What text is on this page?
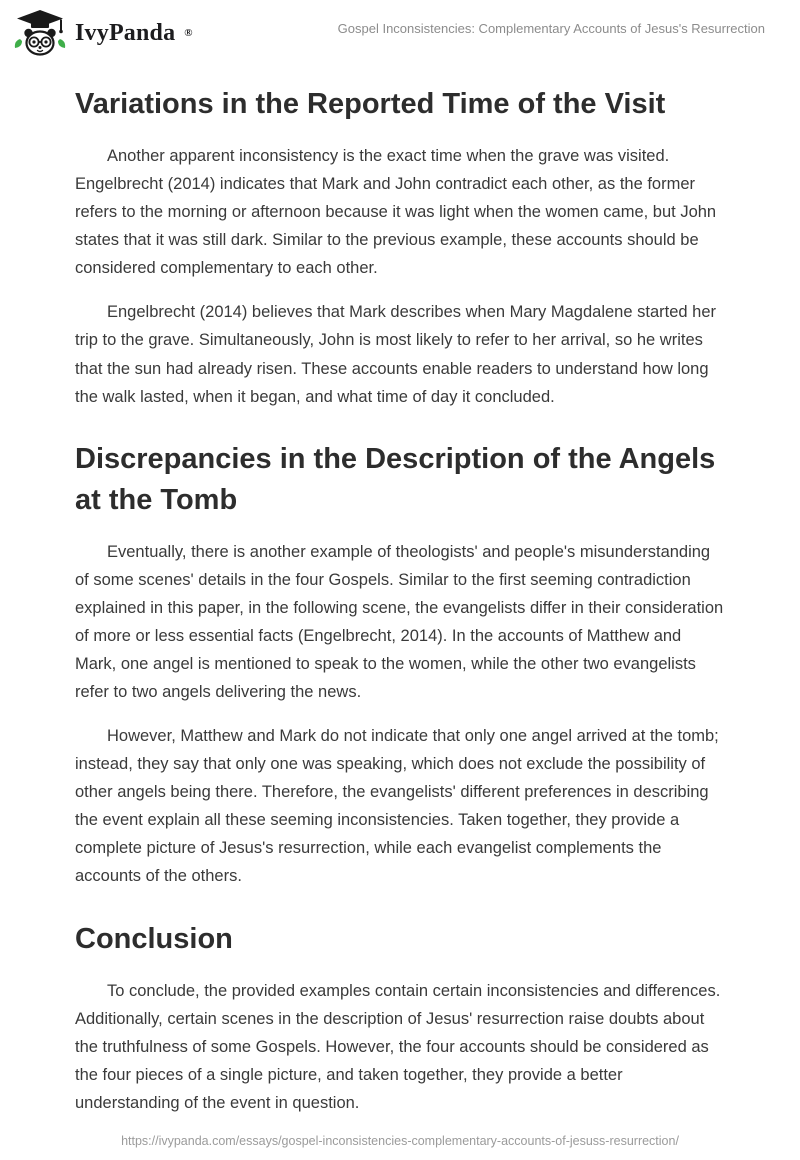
IvyPanda ®	Gospel Inconsistencies: Complementary Accounts of Jesus's Resurrection
Variations in the Reported Time of the Visit

Another apparent inconsistency is the exact time when the grave was visited. Engelbrecht (2014) indicates that Mark and John contradict each other, as the former refers to the morning or afternoon because it was light when the women came, but John states that it was still dark. Similar to the previous example, these accounts should be considered complementary to each other.

Engelbrecht (2014) believes that Mark describes when Mary Magdalene started her trip to the grave. Simultaneously, John is most likely to refer to her arrival, so he writes that the sun had already risen. These accounts enable readers to understand how long the walk lasted, when it began, and what time of day it concluded.

Discrepancies in the Description of the Angels at the Tomb

Eventually, there is another example of theologists' and people's misunderstanding of some scenes' details in the four Gospels. Similar to the first seeming contradiction explained in this paper, in the following scene, the evangelists differ in their consideration of more or less essential facts (Engelbrecht, 2014). In the accounts of Matthew and Mark, one angel is mentioned to speak to the women, while the other two evangelists refer to two angels delivering the news.

However, Matthew and Mark do not indicate that only one angel arrived at the tomb; instead, they say that only one was speaking, which does not exclude the possibility of other angels being there. Therefore, the evangelists' different preferences in describing the event explain all these seeming inconsistencies. Taken together, they provide a complete picture of Jesus's resurrection, while each evangelist complements the accounts of the others.

Conclusion

To conclude, the provided examples contain certain inconsistencies and differences. Additionally, certain scenes in the description of Jesus' resurrection raise doubts about the truthfulness of some Gospels. However, the four accounts should be considered as the four pieces of a single picture, and taken together, they provide a better understanding of the event in question.

https://ivypanda.com/essays/gospel-inconsistencies-complementary-accounts-of-jesuss-resurrection/
